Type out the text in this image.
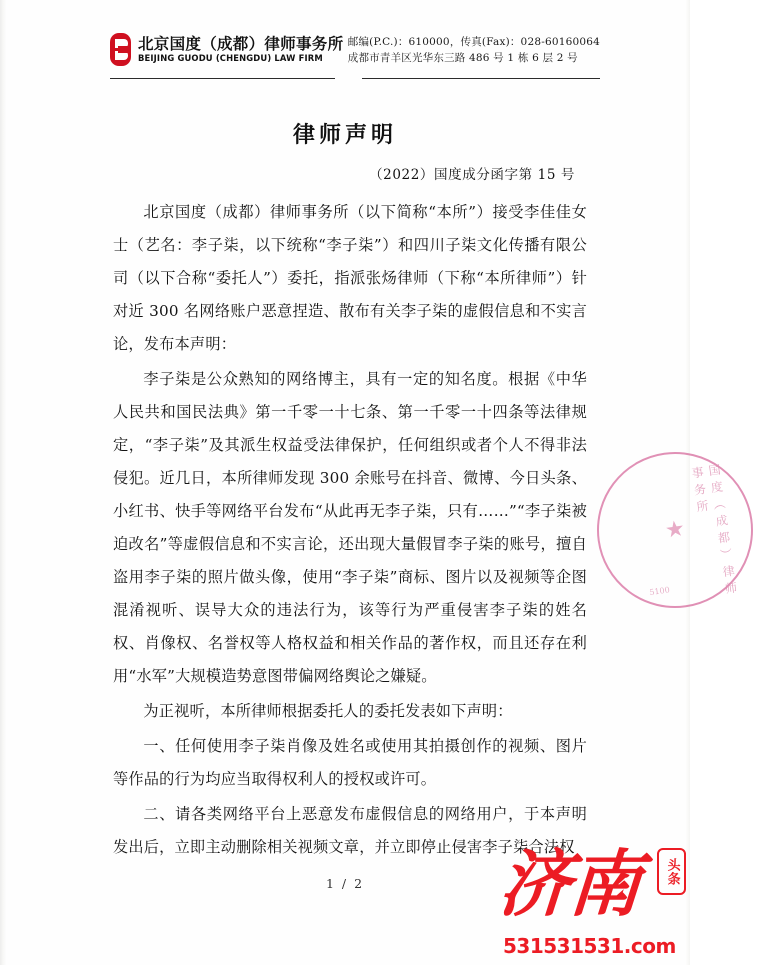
北京国度（成都）律师事务所
BEIJING GUODU (CHENGDU) LAW FIRM
邮编(P.C.)：610000，传真(Fax)：028-60160064
成都市青羊区光华东三路 486 号 1 栋 6 层 2 号
律师声明
（2022）国度成分函字第 15 号

北京国度（成都）律师事务所（以下简称“本所”）接受李佳佳女士（艺名：李子柒，以下统称“李子柒”）和四川子柒文化传播有限公司（以下合称“委托人”）委托，指派张炀律师（下称“本所律师”）针对近 300 名网络账户恶意捏造、散布有关李子柒的虚假信息和不实言论，发布本声明：

李子柒是公众熟知的网络博主，具有一定的知名度。根据《中华人民共和国民法典》第一千零一十七条、第一千零一十四条等法律规定，“李子柒”及其派生权益受法律保护，任何组织或者个人不得非法侵犯。近几日，本所律师发现 300 余账号在抖音、微博、今日头条、小红书、快手等网络平台发布“从此再无李子柒，只有……”“李子柒被迫改名”等虚假信息和不实言论，还出现大量假冒李子柒的账号，擅自盗用李子柒的照片做头像，使用“李子柒”商标、图片以及视频等企图混淆视听、误导大众的违法行为，该等行为严重侵害李子柒的姓名权、肖像权、名誉权等人格权益和相关作品的著作权，而且还存在利用“水军”大规模造势意图带偏网络舆论之嫌疑。

为正视听，本所律师根据委托人的委托发表如下声明：

一、任何使用李子柒肖像及姓名或使用其拍摄创作的视频、图片等作品的行为均应当取得权利人的授权或许可。

二、请各类网络平台上恶意发布虚假信息的网络用户，于本声明发出后，立即主动删除相关视频文章，并立即停止侵害李子柒合法权

国度（成都）律师事务所
★
5100
1 / 2	济南	头条
531531531.com
